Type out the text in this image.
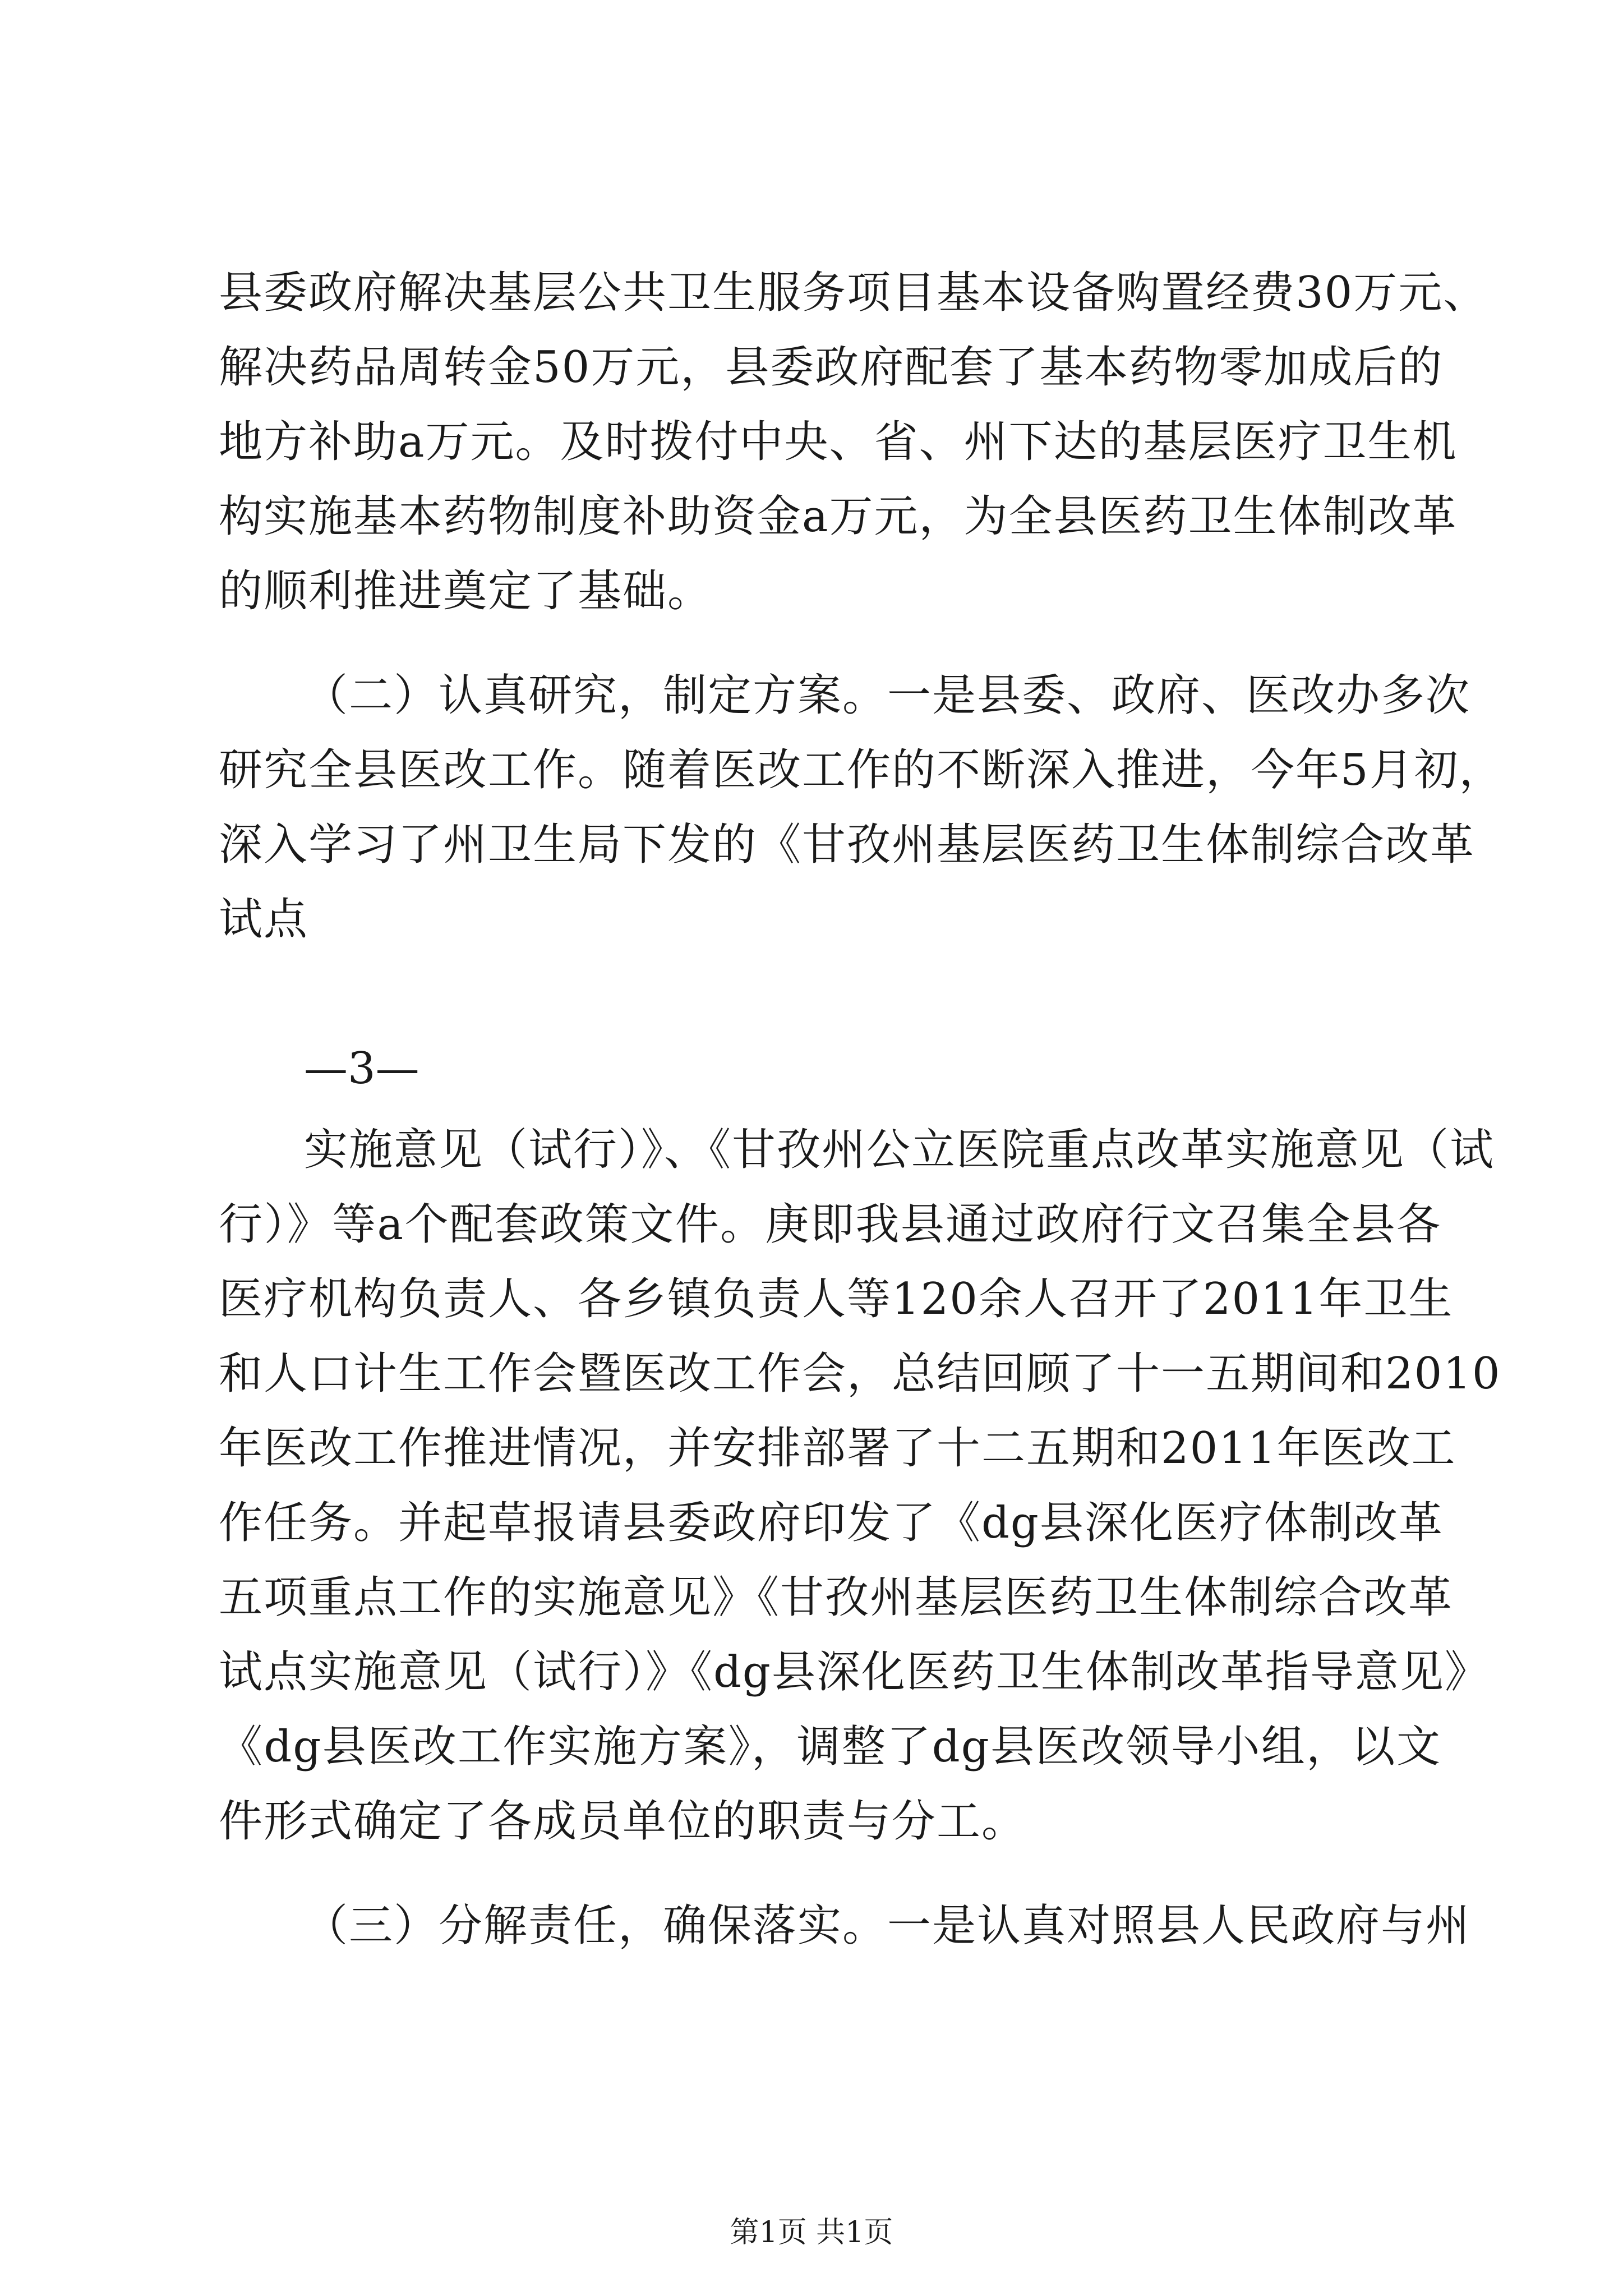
县委政府解决基层公共卫生服务项目基本设备购置经费30万元、

解决药品周转金50万元，县委政府配套了基本药物零加成后的

地方补助a万元。及时拨付中央、省、州下达的基层医疗卫生机

构实施基本药物制度补助资金a万元，为全县医药卫生体制改革

的顺利推进奠定了基础。

（二）认真研究，制定方案。一是县委、政府、医改办多次

研究全县医改工作。随着医改工作的不断深入推进，今年5月初，

深入学习了州卫生局下发的《甘孜州基层医药卫生体制综合改革

试点

—3—

实施意见（试行）》、《甘孜州公立医院重点改革实施意见（试

行）》等a个配套政策文件。庚即我县通过政府行文召集全县各

医疗机构负责人、各乡镇负责人等120余人召开了2011年卫生

和人口计生工作会暨医改工作会，总结回顾了十一五期间和2010

年医改工作推进情况，并安排部署了十二五期和2011年医改工

作任务。并起草报请县委政府印发了《dg县深化医疗体制改革

五项重点工作的实施意见》《甘孜州基层医药卫生体制综合改革

试点实施意见（试行）》《dg县深化医药卫生体制改革指导意见》

《dg县医改工作实施方案》，调整了dg县医改领导小组，以文

件形式确定了各成员单位的职责与分工。

（三）分解责任，确保落实。一是认真对照县人民政府与州

第1页 共1页
